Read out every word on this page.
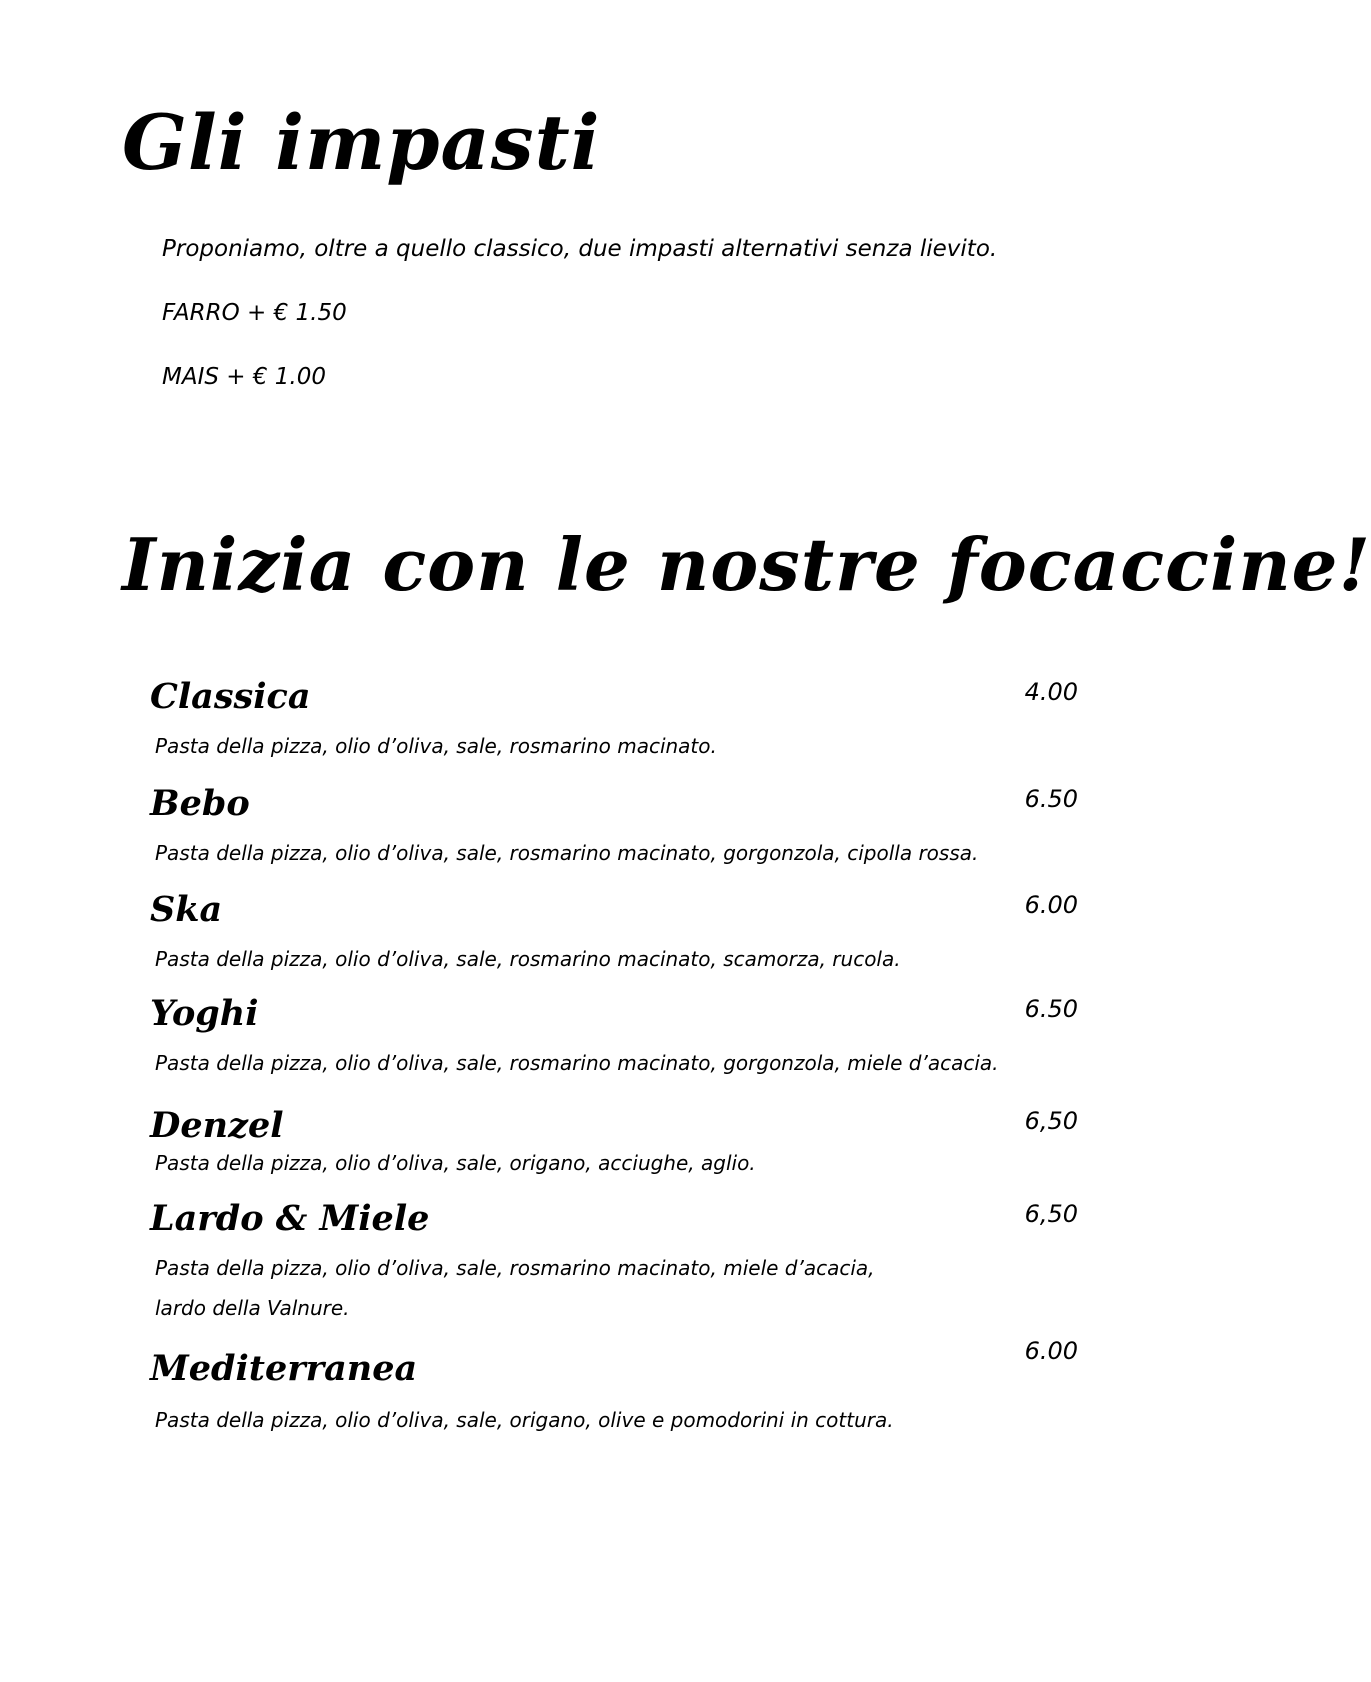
Gli impasti
Proponiamo, oltre a quello classico, due impasti alternativi senza lievito.
FARRO + € 1.50
MAIS + € 1.00
Inizia con le nostre focaccine!
Classica	4.00
Pasta della pizza, olio d’oliva, sale, rosmarino macinato.
Bebo	6.50
Pasta della pizza, olio d’oliva, sale, rosmarino macinato, gorgonzola, cipolla rossa.
Ska	6.00
Pasta della pizza, olio d’oliva, sale, rosmarino macinato, scamorza, rucola.
Yoghi	6.50
Pasta della pizza, olio d’oliva, sale, rosmarino macinato, gorgonzola, miele d’acacia.
Denzel	6,50
Pasta della pizza, olio d’oliva, sale, origano, acciughe, aglio.
Lardo & Miele	6,50
Pasta della pizza, olio d’oliva, sale, rosmarino macinato, miele d’acacia,
lardo della Valnure.
Mediterranea	6.00
Pasta della pizza, olio d’oliva, sale, origano, olive e pomodorini in cottura.
